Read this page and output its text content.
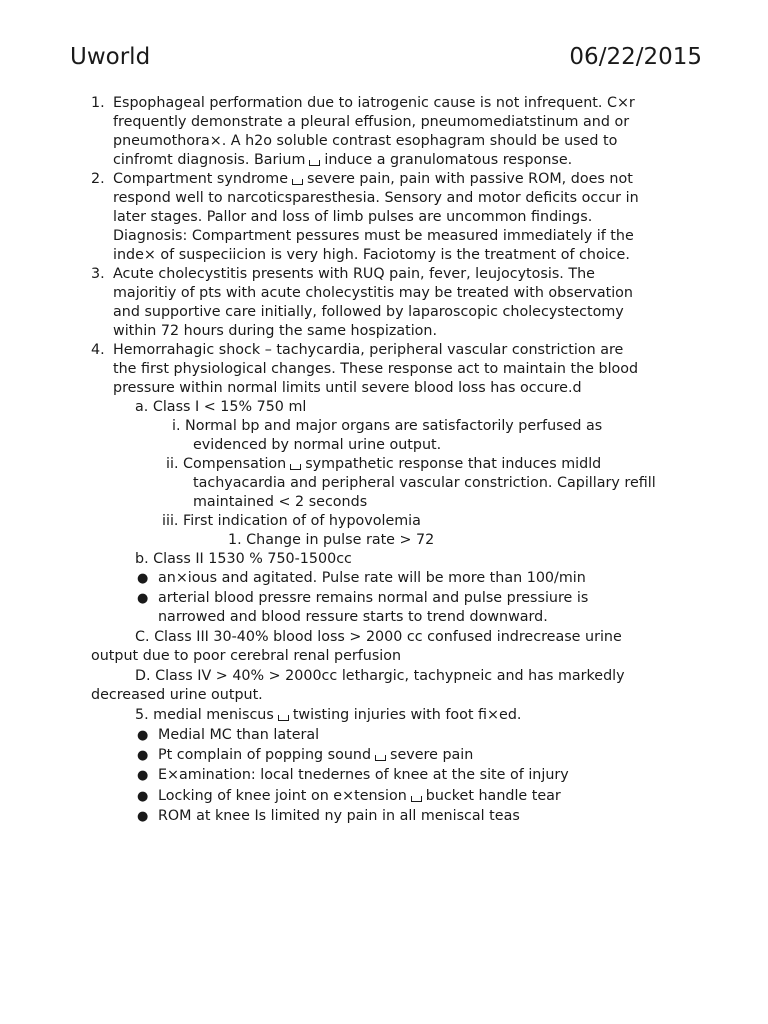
Uworld	06/22/2015
1. Espophageal performation due to iatrogenic cause is not infrequent. C×r
frequently demonstrate a pleural effusion, pneumomediatstinum and or
pneumothora×. A h2o soluble contrast esophagram should be used to
cinfromt diagnosis. Barium induce a granulomatous response.
2. Compartment syndrome severe pain, pain with passive ROM, does not
respond well to narcoticsparesthesia. Sensory and motor deficits occur in
later stages. Pallor and loss of limb pulses are uncommon findings.
Diagnosis: Compartment pessures must be measured immediately if the
inde× of suspeciicion is very high. Faciotomy is the treatment of choice.
3. Acute cholecystitis presents with RUQ pain, fever, leujocytosis. The
majoritiy of pts with acute cholecystitis may be treated with observation
and supportive care initially, followed by laparoscopic cholecystectomy
within 72 hours during the same hospization.
4. Hemorrahagic shock – tachycardia, peripheral vascular constriction are
the first physiological changes. These response act to maintain the blood
pressure within normal limits until severe blood loss has occure.d
a. Class I < 15% 750 ml
i. Normal bp and major organs are satisfactorily perfused as
evidenced by normal urine output.
ii. Compensation sympathetic response that induces midld
tachyacardia and peripheral vascular constriction. Capillary refill
maintained < 2 seconds
iii. First indication of of hypovolemia
1. Change in pulse rate > 72
b. Class II 1530 % 750-1500cc
● an×ious and agitated. Pulse rate will be more than 100/min
● arterial blood pressre remains normal and pulse pressiure is
narrowed and blood ressure starts to trend downward.
C. Class III 30-40% blood loss > 2000 cc confused indrecrease urine
output due to poor cerebral renal perfusion
D. Class IV > 40% > 2000cc lethargic, tachypneic and has markedly
decreased urine output.
5. medial meniscus twisting injuries with foot fi×ed.
● Medial MC than lateral
● Pt complain of popping sound severe pain
● E×amination: local tnedernes of knee at the site of injury
● Locking of knee joint on e×tension bucket handle tear
● ROM at knee Is limited ny pain in all meniscal teas
